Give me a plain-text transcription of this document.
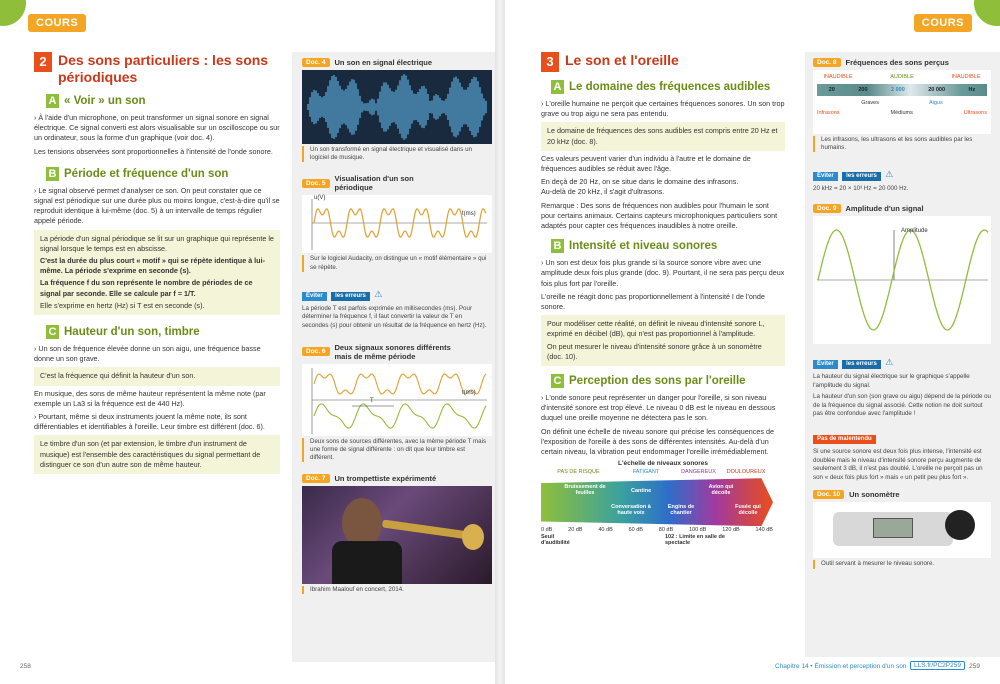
COURS
2 Des sons particuliers : les sons périodiques
A « Voir » un son

› À l'aide d'un microphone, on peut transformer un signal sonore en signal électrique. Ce signal converti est alors visualisable sur un oscilloscope ou sur un ordinateur, sous la forme d'un graphique (voir doc. 4).

Les tensions observées sont proportionnelles à l'intensité de l'onde sonore.

B Période et fréquence d'un son

› Le signal observé permet d'analyser ce son. On peut constater que ce signal est périodique sur une durée plus ou moins longue, c'est-à-dire qu'il se reproduit identique à lui-même (doc. 5) à un intervalle de temps régulier appelé période.

La période d'un signal périodique se lit sur un graphique qui représente le signal lorsque le temps est en abscisse.
C'est la durée du plus court « motif » qui se répète identique à lui-même. La période s'exprime en seconde (s).
La fréquence f du son représente le nombre de périodes de ce signal par seconde. Elle se calcule par f = 1/T.
Elle s'exprime en hertz (Hz) si T est en seconde (s).
C Hauteur d'un son, timbre

› Un son de fréquence élevée donne un son aigu, une fréquence basse donne un son grave.

C'est la fréquence qui définit la hauteur d'un son.

En musique, des sons de même hauteur représentent la même note (par exemple un La3 si la fréquence est de 440 Hz).

› Pourtant, même si deux instruments jouent la même note, ils sont différentiables et identifiables à l'oreille. Leur timbre est différent (doc. 6).

Le timbre d'un son (et par extension, le timbre d'un instrument de musique) est l'ensemble des caractéristiques du signal permettant de distinguer ce son d'un autre son de même hauteur.
Doc. 4	Un son en signal électrique
Un son transformé en signal électrique et visualisé dans un logiciel de musique.
Doc. 5	Visualisation d'un son périodique
u(V)
t(ms)
Sur le logiciel Audacity, on distingue un « motif élémentaire » qui se répète.
Éviter les erreurs ⚠

La période T est parfois exprimée en millisecondes (ms). Pour déterminer la fréquence f, il faut convertir la valeur de T en secondes (s) pour obtenir un résultat de la fréquence en hertz (Hz).

Doc. 6	Deux signaux sonores différents mais de même période
T
t(ms)
Deux sons de sources différentes, avec la même période T mais une forme de signal différente : on dit que leur timbre est différent.
Doc. 7	Un trompettiste expérimenté
Ibrahim Maalouf en concert, 2014.
258
COURS
3 Le son et l'oreille
A Le domaine des fréquences audibles

› L'oreille humaine ne perçoit que certaines fréquences sonores. Un son trop grave ou trop aigu ne sera pas entendu.

Le domaine de fréquences des sons audibles est compris entre 20 Hz et 20 kHz (doc. 8).

Ces valeurs peuvent varier d'un individu à l'autre et le domaine de fréquences audibles se réduit avec l'âge.

En deçà de 20 Hz, on se situe dans le domaine des infrasons.

Au-delà de 20 kHz, il s'agit d'ultrasons.

Remarque : Des sons de fréquences non audibles pour l'humain le sont pour certains animaux. Certains capteurs microphoniques particuliers sont adaptés pour capter ces fréquences inaudibles à notre oreille.

B Intensité et niveau sonores

› Un son est deux fois plus grande si la source sonore vibre avec une amplitude deux fois plus grande (doc. 9). Pourtant, il ne sera pas perçu deux fois plus fort par l'oreille.

L'oreille ne réagit donc pas proportionnellement à l'intensité I de l'onde sonore.

Pour modéliser cette réalité, on définit le niveau d'intensité sonore L, exprimé en décibel (dB), qui n'est pas proportionnel à l'amplitude.
On peut mesurer le niveau d'intensité sonore grâce à un sonomètre (doc. 10).
C Perception des sons par l'oreille

› L'onde sonore peut représenter un danger pour l'oreille, si son niveau d'intensité sonore est trop élevé. Le niveau 0 dB est le niveau en dessous duquel une oreille moyenne ne détectera pas le son.

On définit une échelle de niveau sonore qui précise les conséquences de l'exposition de l'oreille à des sons de différentes intensités. Au-delà d'un certain niveau, la vibration peut endommager l'oreille irrémédiablement.

L'échelle de niveaux sonores
PAS DE RISQUE	FATIGANT	DANGEREUX	DOULOUREUX
Bruissement de feuilles	Cantine
Avion qui décolle
Conversation à haute voix
Engins de chantier
Fusée qui décolle
0 dB	20 dB	40 dB	60 dB	80 dB	100 dB	120 dB	140 dB
Seuil d'audibilité
102 : Limite en salle de spectacle
Doc. 8	Fréquences des sons perçus
INAUDIBLE	AUDIBLE	INAUDIBLE
20	200	2 000	20 000	Hz
Graves	Aigus
Infrasons	Médiums	Ultrasons
Les infrasons, les ultrasons et les sons audibles par les humains.
Éviter les erreurs ⚠

20 kHz = 20 × 10³ Hz = 20 000 Hz.

Doc. 9	Amplitude d'un signal
Amplitude
Éviter les erreurs ⚠

La hauteur du signal électrique sur le graphique s'appelle l'amplitude du signal.

La hauteur d'un son (son grave ou aigu) dépend de la période ou de la fréquence du signal associé. Cette notion ne doit surtout pas être confondue avec l'amplitude !

Pas de malentendu

Si une source sonore est deux fois plus intense, l'intensité est doublée mais le niveau d'intensité sonore perçu augmente de seulement 3 dB, il n'est pas doublé. L'oreille ne perçoit pas un son « deux fois plus fort » mais « un petit peu plus fort ».

Doc. 10	Un sonomètre
Outil servant à mesurer le niveau sonore.
Chapitre 14 • Émission et perception d'un son	LLS.fr/PC2P259	259
